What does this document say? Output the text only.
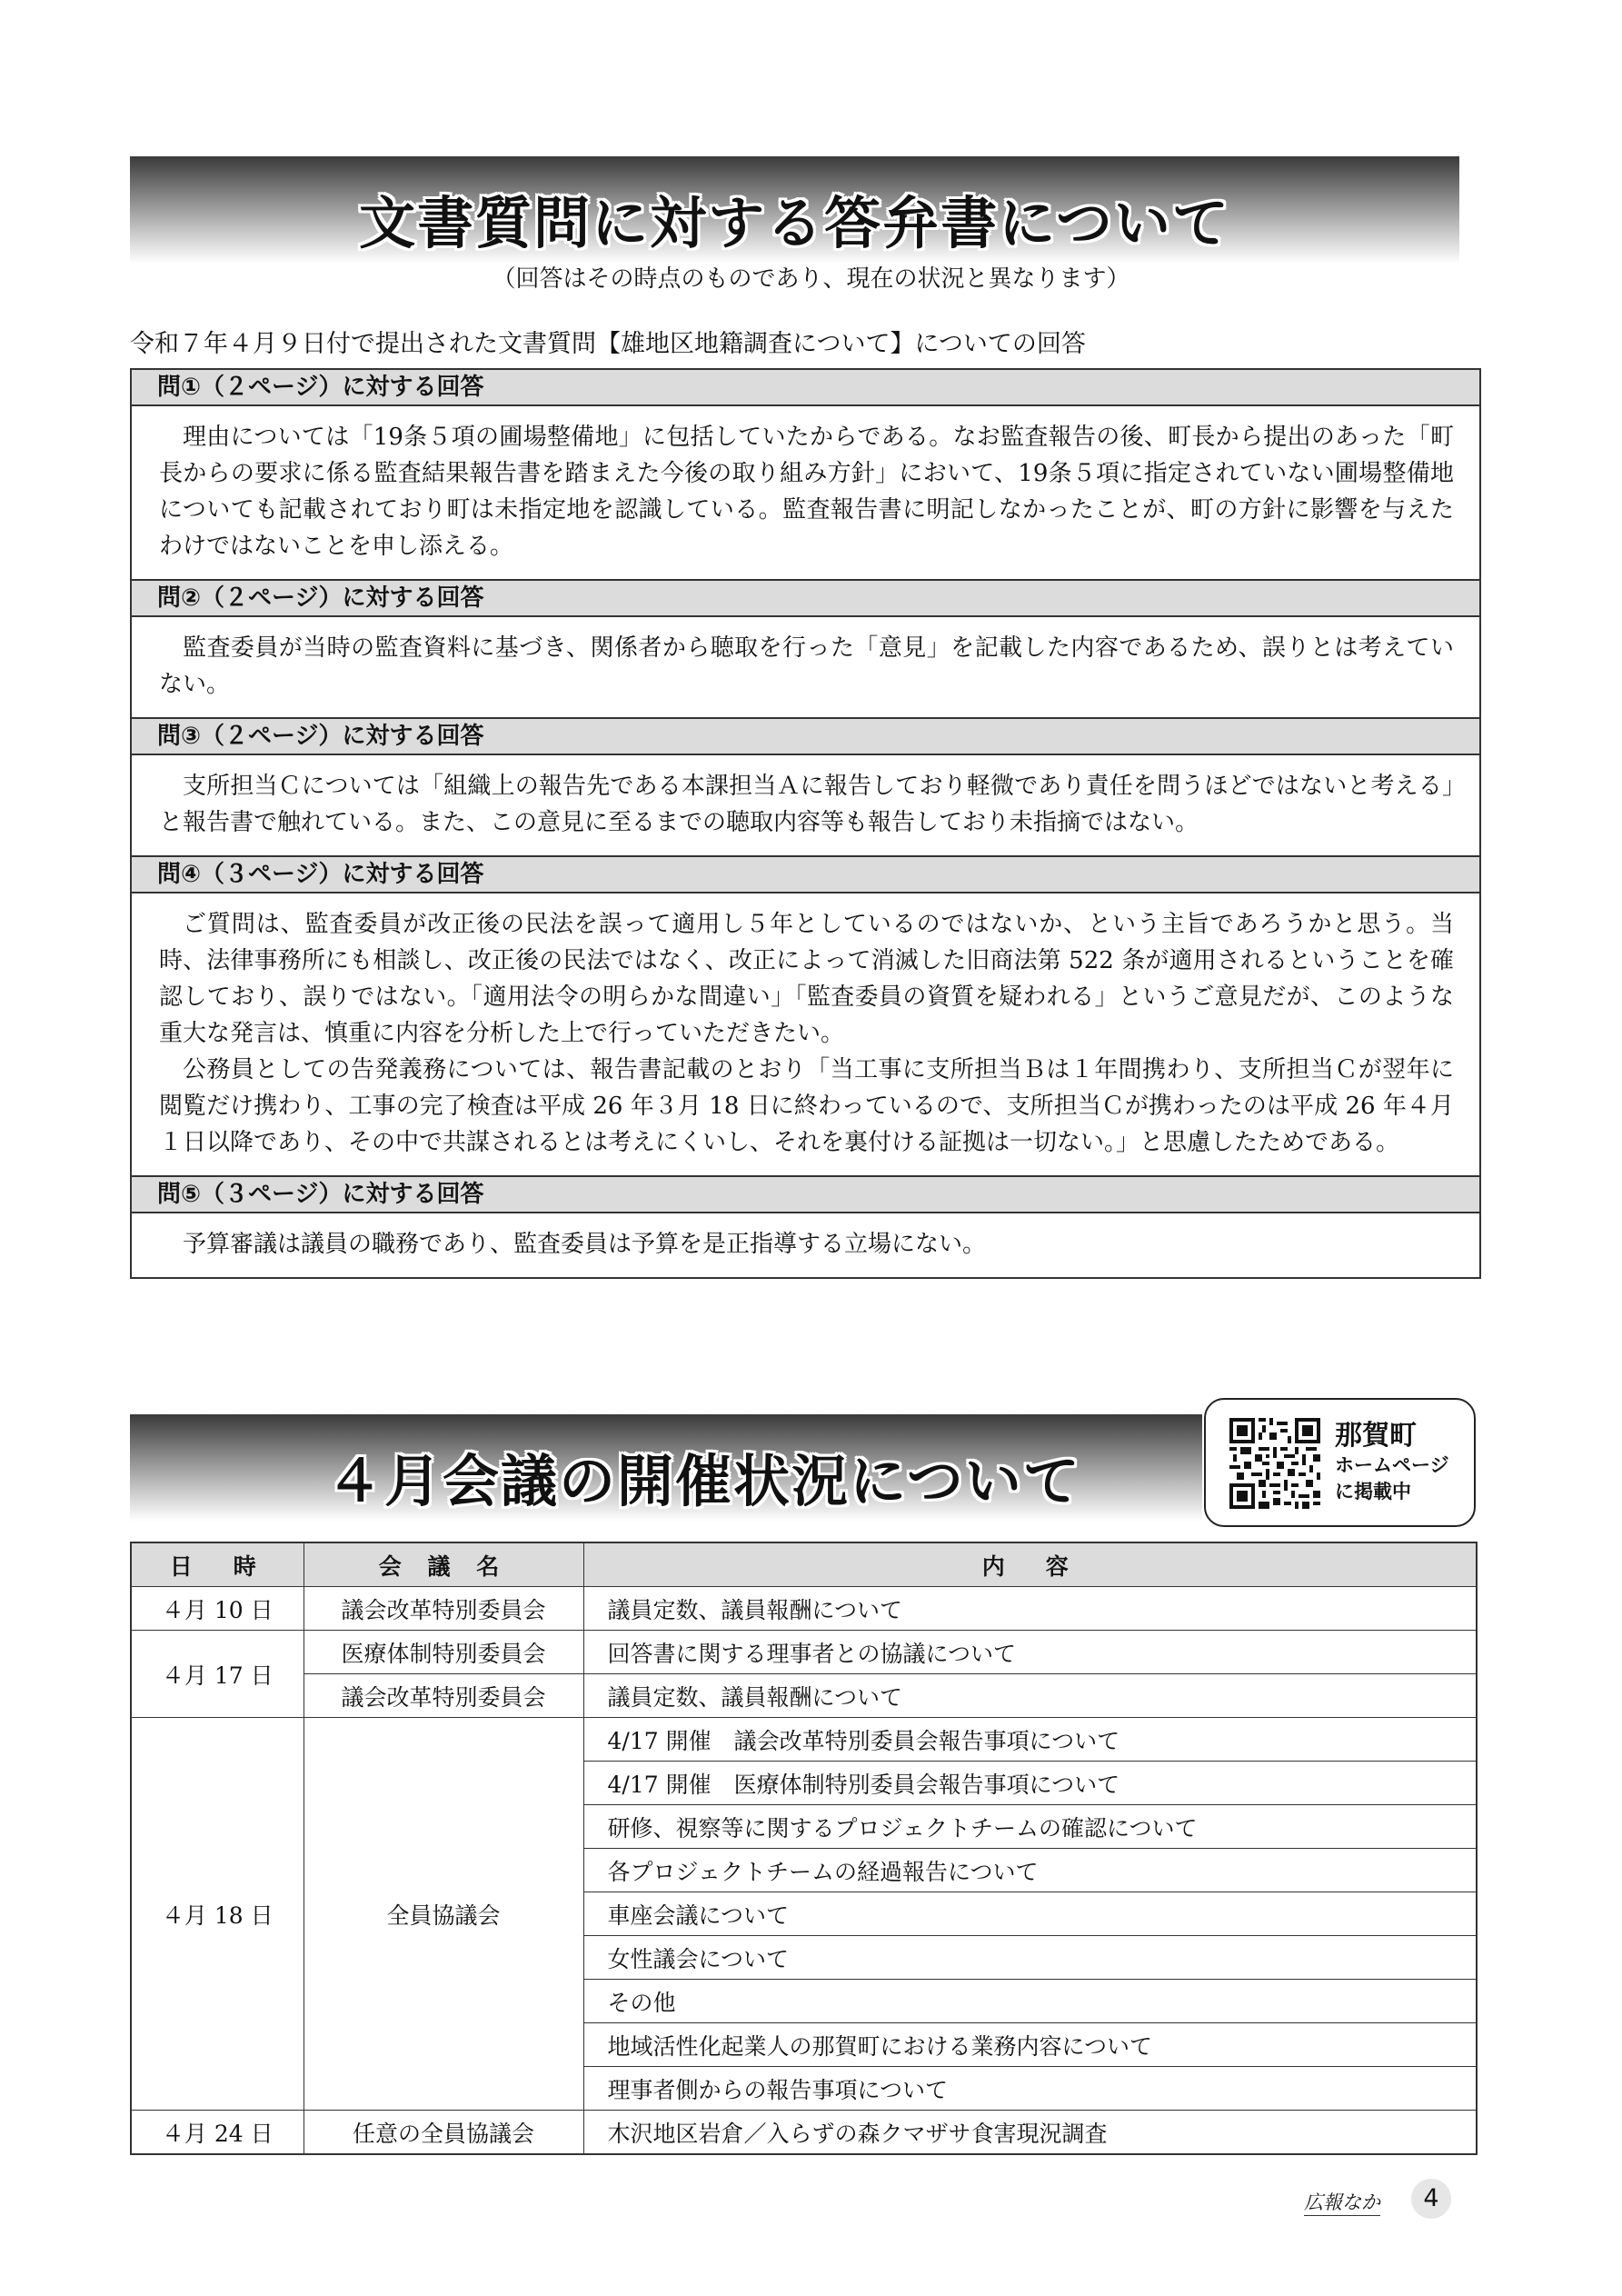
文書質問に対する答弁書について
（回答はその時点のものであり、現在の状況と異なります）
令和７年４月９日付で提出された文書質問【雄地区地籍調査について】についての回答
問①（２ページ）に対する回答

理由については「19条５項の圃場整備地」に包括していたからである。なお監査報告の後、町長から提出のあった「町長からの要求に係る監査結果報告書を踏まえた今後の取り組み方針」において、19条５項に指定されていない圃場整備地についても記載されており町は未指定地を認識している。監査報告書に明記しなかったことが、町の方針に影響を与えたわけではないことを申し添える。

問②（２ページ）に対する回答

監査委員が当時の監査資料に基づき、関係者から聴取を行った「意見」を記載した内容であるため、誤りとは考えていない。

問③（２ページ）に対する回答

支所担当Ｃについては「組織上の報告先である本課担当Ａに報告しており軽微であり責任を問うほどではないと考える」と報告書で触れている。また、この意見に至るまでの聴取内容等も報告しており未指摘ではない。

問④（３ページ）に対する回答

ご質問は、監査委員が改正後の民法を誤って適用し５年としているのではないか、という主旨であろうかと思う。当時、法律事務所にも相談し、改正後の民法ではなく、改正によって消滅した旧商法第 522 条が適用されるということを確認しており、誤りではない。「適用法令の明らかな間違い」「監査委員の資質を疑われる」というご意見だが、このような重大な発言は、慎重に内容を分析した上で行っていただきたい。

公務員としての告発義務については、報告書記載のとおり「当工事に支所担当Ｂは１年間携わり、支所担当Ｃが翌年に閲覧だけ携わり、工事の完了検査は平成 26 年３月 18 日に終わっているので、支所担当Ｃが携わったのは平成 26 年４月１日以降であり、その中で共謀されるとは考えにくいし、それを裏付ける証拠は一切ない。」と思慮したためである。

問⑤（３ページ）に対する回答

予算審議は議員の職務であり、監査委員は予算を是正指導する立場にない。

４月会議の開催状況について
那賀町
ホームページ
に掲載中
日　時	会 議 名	内　容
４月 10 日	議会改革特別委員会	議員定数、議員報酬について
４月 17 日	医療体制特別委員会	回答書に関する理事者との協議について
	議会改革特別委員会	議員定数、議員報酬について
４月 18 日	全員協議会	4/17 開催　議会改革特別委員会報告事項について
		4/17 開催　医療体制特別委員会報告事項について
		研修、視察等に関するプロジェクトチームの確認について
		各プロジェクトチームの経過報告について
		車座会議について
		女性議会について
		その他
		地域活性化起業人の那賀町における業務内容について
		理事者側からの報告事項について
４月 24 日	任意の全員協議会	木沢地区岩倉／入らずの森クマザサ食害現況調査
広報なか	4
